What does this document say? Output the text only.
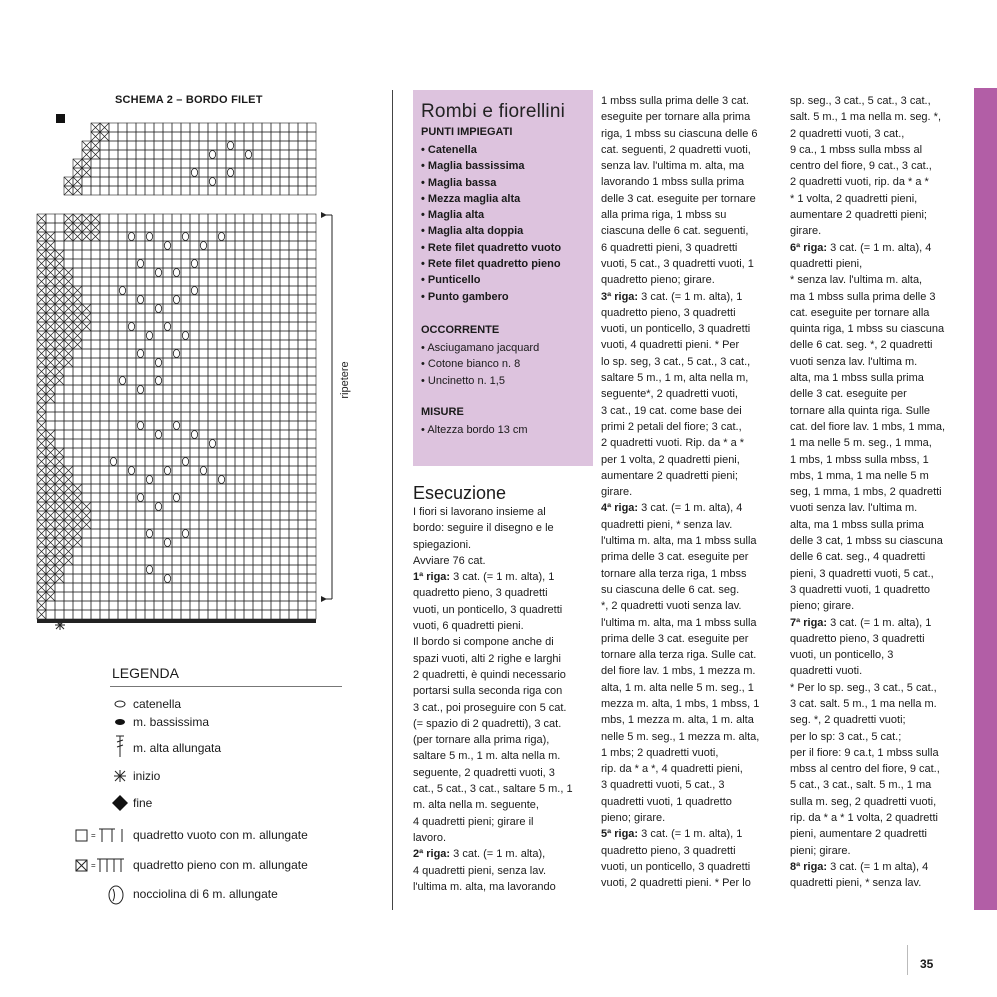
SCHEMA 2 – BORDO FILET
ripetere
LEGENDA
catenella
m. bassissima
m. alta allungata
inizio
fine
=	quadretto vuoto con m. allungate
=	quadretto pieno con m. allungate
nocciolina di 6 m. allungate
Rombi e fiorellini
PUNTI IMPIEGATI
• Catenella
• Maglia bassissima
• Maglia bassa
• Mezza maglia alta
• Maglia alta
• Maglia alta doppia
• Rete filet quadretto vuoto
• Rete filet quadretto pieno
• Punticello
• Punto gambero
OCCORRENTE
• Asciugamano jacquard
• Cotone bianco n. 8
• Uncinetto n. 1,5
MISURE
• Altezza bordo 13 cm
Esecuzione
I fiori si lavorano insieme al
bordo: seguire il disegno e le
spiegazioni.
Avviare 76 cat.
1ª riga: 3 cat. (= 1 m. alta), 1
quadretto pieno, 3 quadretti
vuoti, un ponticello, 3 quadretti
vuoti, 6 quadretti pieni.
Il bordo si compone anche di
spazi vuoti, alti 2 righe e larghi
2 quadretti, è quindi necessario
portarsi sulla seconda riga con
3 cat., poi proseguire con 5 cat.
(= spazio di 2 quadretti), 3 cat.
(per tornare alla prima riga),
saltare 5 m., 1 m. alta nella m.
seguente, 2 quadretti vuoti, 3
cat., 5 cat., 3 cat., saltare 5 m., 1
m. alta nella m. seguente,
4 quadretti pieni; girare il
lavoro.
2ª riga: 3 cat. (= 1 m. alta),
4 quadretti pieni, senza lav.
l'ultima m. alta, ma lavorando
1 mbss sulla prima delle 3 cat.
eseguite per tornare alla prima
riga, 1 mbss su ciascuna delle 6
cat. seguenti, 2 quadretti vuoti,
senza lav. l'ultima m. alta, ma
lavorando 1 mbss sulla prima
delle 3 cat. eseguite per tornare
alla prima riga, 1 mbss su
ciascuna delle 6 cat. seguenti,
6 quadretti pieni, 3 quadretti
vuoti, 5 cat., 3 quadretti vuoti, 1
quadretto pieno; girare.
3ª riga: 3 cat. (= 1 m. alta), 1
quadretto pieno, 3 quadretti
vuoti, un ponticello, 3 quadretti
vuoti, 4 quadretti pieni. * Per
lo sp. seg, 3 cat., 5 cat., 3 cat.,
saltare 5 m., 1 m, alta nella m,
seguente*, 2 quadretti vuoti,
3 cat., 19 cat. come base dei
primi 2 petali del fiore; 3 cat.,
2 quadretti vuoti. Rip. da * a *
per 1 volta, 2 quadretti pieni,
aumentare 2 quadretti pieni;
girare.
4ª riga: 3 cat. (= 1 m. alta), 4
quadretti pieni, * senza lav.
l'ultima m. alta, ma 1 mbss sulla
prima delle 3 cat. eseguite per
tornare alla terza riga, 1 mbss
su ciascuna delle 6 cat. seg.
*, 2 quadretti vuoti senza lav.
l'ultima m. alta, ma 1 mbss sulla
prima delle 3 cat. eseguite per
tornare alla terza riga. Sulle cat.
del fiore lav. 1 mbs, 1 mezza m.
alta, 1 m. alta nelle 5 m. seg., 1
mezza m. alta, 1 mbs, 1 mbss, 1
mbs, 1 mezza m. alta, 1 m. alta
nelle 5 m. seg., 1 mezza m. alta,
1 mbs; 2 quadretti vuoti,
rip. da * a *, 4 quadretti pieni,
3 quadretti vuoti, 5 cat., 3
quadretti vuoti, 1 quadretto
pieno; girare.
5ª riga: 3 cat. (= 1 m. alta), 1
quadretto pieno, 3 quadretti
vuoti, un ponticello, 3 quadretti
vuoti, 2 quadretti pieni. * Per lo
sp. seg., 3 cat., 5 cat., 3 cat.,
salt. 5 m., 1 ma nella m. seg. *,
2 quadretti vuoti, 3 cat.,
9 ca., 1 mbss sulla mbss al
centro del fiore, 9 cat., 3 cat.,
2 quadretti vuoti, rip. da * a *
* 1 volta, 2 quadretti pieni,
aumentare 2 quadretti pieni;
girare.
6ª riga: 3 cat. (= 1 m. alta), 4
quadretti pieni,
* senza lav. l'ultima m. alta,
ma 1 mbss sulla prima delle 3
cat. eseguite per tornare alla
quinta riga, 1 mbss su ciascuna
delle 6 cat. seg. *, 2 quadretti
vuoti senza lav. l'ultima m.
alta, ma 1 mbss sulla prima
delle 3 cat. eseguite per
tornare alla quinta riga. Sulle
cat. del fiore lav. 1 mbs, 1 mma,
1 ma nelle 5 m. seg., 1 mma,
1 mbs, 1 mbss sulla mbss, 1
mbs, 1 mma, 1 ma nelle 5 m
seg, 1 mma, 1 mbs, 2 quadretti
vuoti senza lav. l'ultima m.
alta, ma 1 mbss sulla prima
delle 3 cat, 1 mbss su ciascuna
delle 6 cat. seg., 4 quadretti
pieni, 3 quadretti vuoti, 5 cat.,
3 quadretti vuoti, 1 quadretto
pieno; girare.
7ª riga: 3 cat. (= 1 m. alta), 1
quadretto pieno, 3 quadretti
vuoti, un ponticello, 3
quadretti vuoti.
* Per lo sp. seg., 3 cat., 5 cat.,
3 cat. salt. 5 m., 1 ma nella m.
seg. *, 2 quadretti vuoti;
per lo sp: 3 cat., 5 cat.;
per il fiore: 9 ca.t, 1 mbss sulla
mbss al centro del fiore, 9 cat.,
5 cat., 3 cat., salt. 5 m., 1 ma
sulla m. seg, 2 quadretti vuoti,
rip. da * a * 1 volta, 2 quadretti
pieni, aumentare 2 quadretti
pieni; girare.
8ª riga: 3 cat. (= 1 m alta), 4
quadretti pieni, * senza lav.
35
